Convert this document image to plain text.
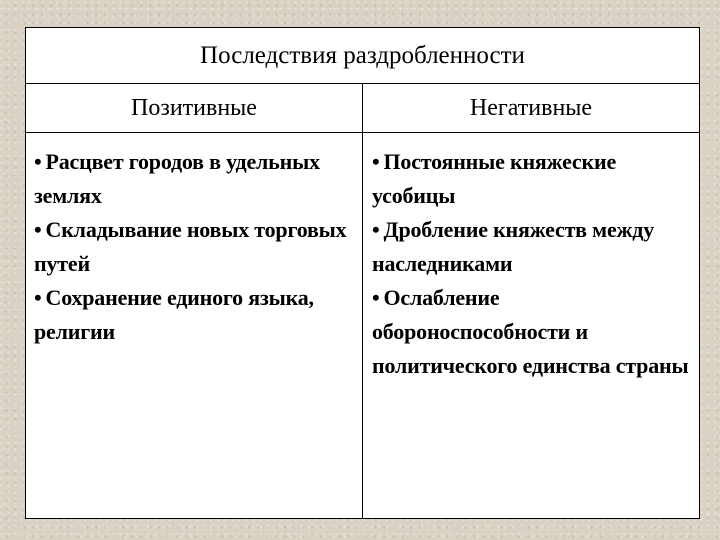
Последствия раздробленности
Позитивные	Негативные
• Расцвет городов в удельных землях
• Складывание новых торговых путей
• Сохранение единого языка, религии
• Постоянные княжеские усобицы
• Дробление княжеств между наследниками
• Ослабление обороноспособности и политического единства страны
